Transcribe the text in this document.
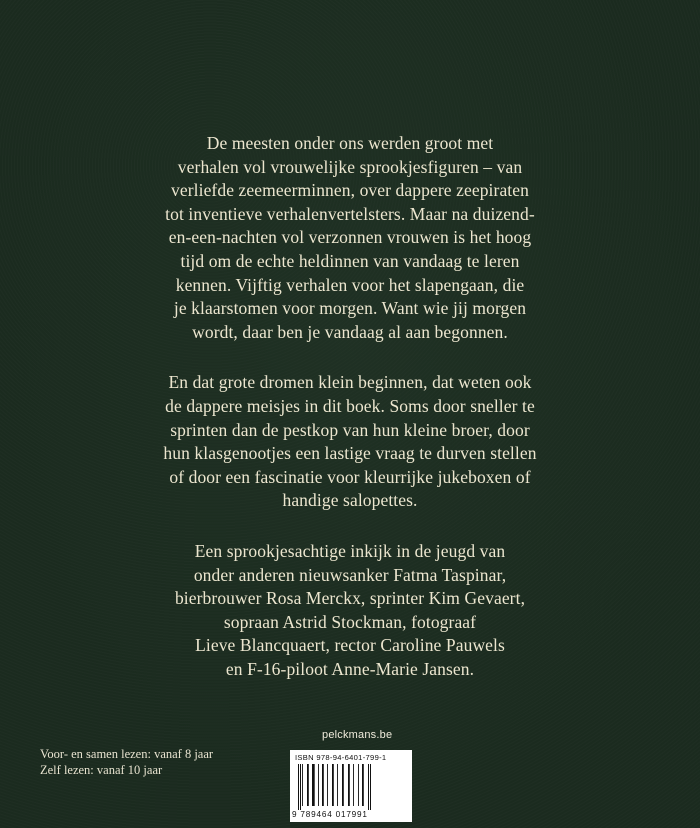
De meesten onder ons werden groot met
verhalen vol vrouwelijke sprookjesfiguren – van
verliefde zeemeerminnen, over dappere zeepiraten
tot inventieve verhalenvertelsters. Maar na duizend-
en-een-nachten vol verzonnen vrouwen is het hoog
tijd om de echte heldinnen van vandaag te leren
kennen. Vijftig verhalen voor het slapengaan, die
je klaarstomen voor morgen. Want wie jij morgen
wordt, daar ben je vandaag al aan begonnen.

En dat grote dromen klein beginnen, dat weten ook
de dappere meisjes in dit boek. Soms door sneller te
sprinten dan de pestkop van hun kleine broer, door
hun klasgenootjes een lastige vraag te durven stellen
of door een fascinatie voor kleurrijke jukeboxen of
handige salopettes.

Een sprookjesachtige inkijk in de jeugd van
onder anderen nieuwsanker Fatma Taspinar,
bierbrouwer Rosa Merckx, sprinter Kim Gevaert,
sopraan Astrid Stockman, fotograaf
Lieve Blancquaert, rector Caroline Pauwels
en F-16-piloot Anne-Marie Jansen.

Voor- en samen lezen: vanaf 8 jaar
Zelf lezen: vanaf 10 jaar
pelckmans.be
ISBN 978-94-6401-799-1
9 789464 017991
